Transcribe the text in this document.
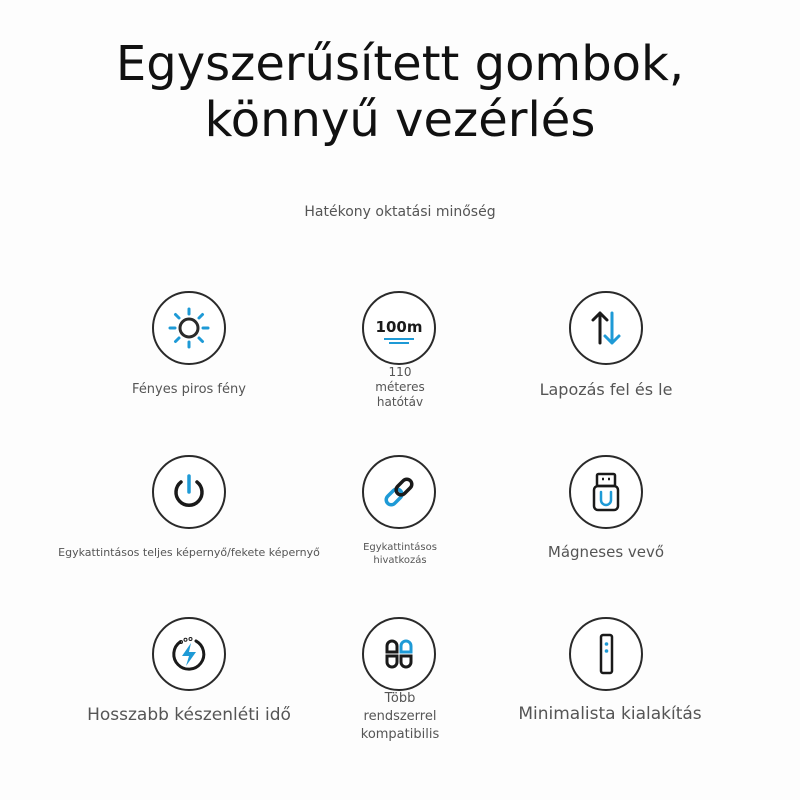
Egyszerűsített gombok,
könnyű vezérlés
Hatékony oktatási minőség
Fényes piros fény
100m
110
méteres
hatótáv
Lapozás fel és le
Egykattintásos teljes képernyő/fekete képernyő	Egykattintásos
hivatkozás	Mágneses vevő
Hosszabb készenléti idő
Több
rendszerrel
kompatibilis
Minimalista kialakítás
